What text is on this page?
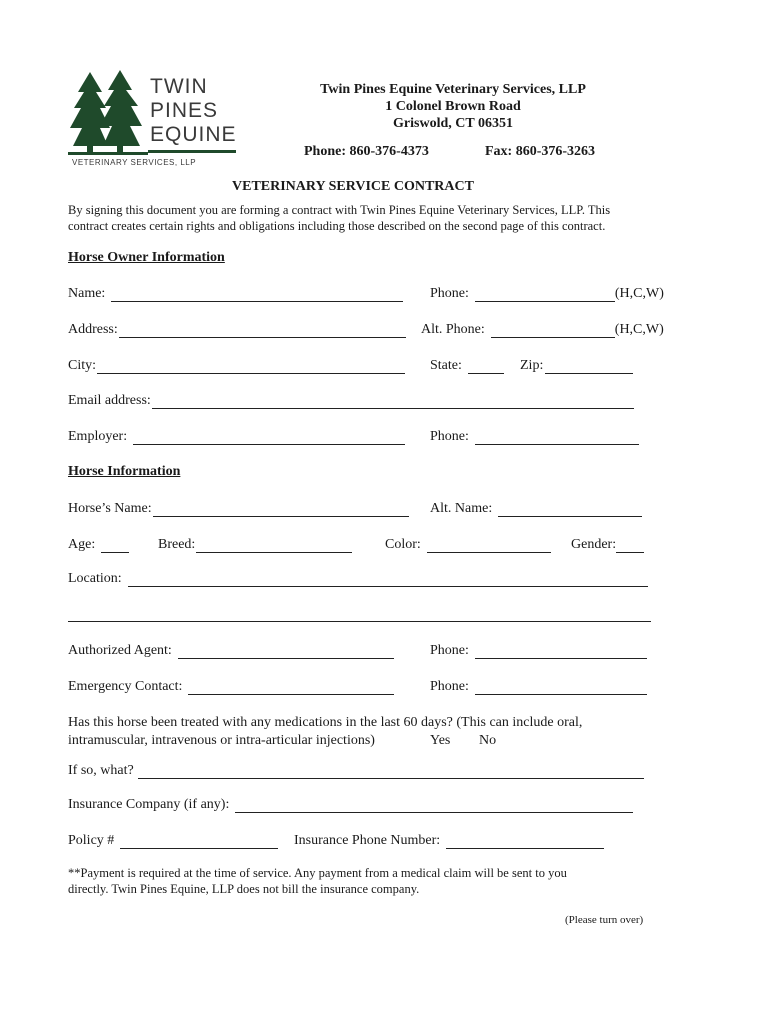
TWIN
PINES
EQUINE
VETERINARY SERVICES, LLP
Twin Pines Equine Veterinary Services, LLP
1 Colonel Brown Road
Griswold, CT 06351
Phone: 860-376-4373	Fax: 860-376-3263
VETERINARY SERVICE CONTRACT
By signing this document you are forming a contract with Twin Pines Equine Veterinary Services, LLP. This
contract creates certain rights and obligations including those described on the second page of this contract.
Horse Owner Information
Name:	Phone:	(H,C,W)
Address:	Alt. Phone:	(H,C,W)
City:	State:	Zip:
Email address:
Employer:	Phone:
Horse Information
Horse’s Name:	Alt. Name:
Age:	Breed:	Color:	Gender:
Location:
Authorized Agent:	Phone:
Emergency Contact:	Phone:
Has this horse been treated with any medications in the last 60 days? (This can include oral,
intramuscular, intravenous or intra-articular injections)	Yes No
If so, what?
Insurance Company (if any):
Policy #	Insurance Phone Number:
**Payment is required at the time of service. Any payment from a medical claim will be sent to you
directly. Twin Pines Equine, LLP does not bill the insurance company.
(Please turn over)
